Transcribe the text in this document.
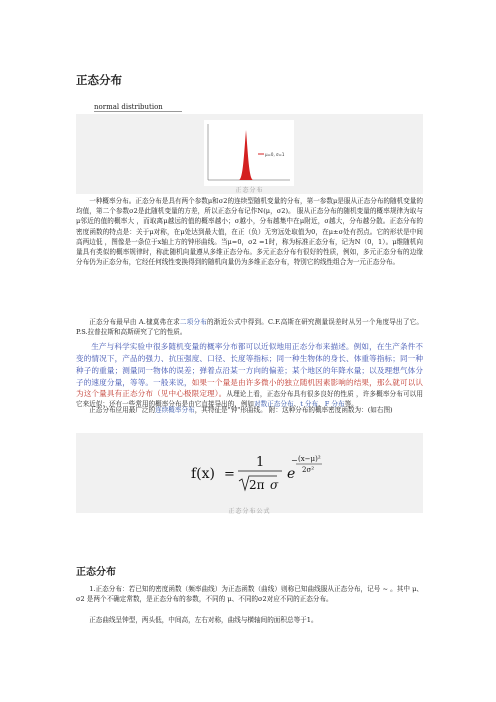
正态分布
normal distribution
μ=0, σ=1
正态分布
一种概率分布。正态分布是具有两个参数μ和σ2的连续型随机变量的分布，第一参数μ是服从正态分布的随机变量的均值，第二个参数σ2是此随机变量的方差，所以正态分布记作N(μ，σ2)。 服从正态分布的随机变量的概率规律为取与μ邻近的值的概率大 ，而取离μ越远的值的概率越小；σ越小，分布越集中在μ附近，σ越大，分布越分散。正态分布的密度函数的特点是：关于μ对称，在μ处达到最大值，在正（负）无穷远处取值为0，在μ±σ处有拐点。它的形状是中间高两边低 ，图像是一条位于x轴上方的钟形曲线。当μ=0，σ2 =1时，称为标准正态分布，记为N（0，1）。μ维随机向量具有类似的概率规律时，称此随机向量遵从多维正态分布。多元正态分布有很好的性质，例如，多元正态分布的边缘分布仍为正态分布，它经任何线性变换得到的随机向量仍为多维正态分布，特别它的线性组合为一元正态分布。
正态分布最早由 A.棣莫弗在求二项分布的渐近公式中得到。C.F.高斯在研究测量误差时从另一个角度导出了它。P.S.拉普拉斯和高斯研究了它的性质。
生产与科学实验中很多随机变量的概率分布都可以近似地用正态分布来描述。例如，在生产条件不变的情况下，产品的强力、抗压强度、口径、长度等指标；同一种生物体的身长、体重等指标；同一种种子的重量；测量同一物体的误差；弹着点沿某一方向的偏差；某个地区的年降水量；以及理想气体分子的速度分量，等等。一般来说，如果一个量是由许多微小的独立随机因素影响的结果，那么就可以认为这个量具有正态分布（见中心极限定理）。从理论上看，正态分布具有很多良好的性质 ，许多概率分布可以用它来近似；还有一些常用的概率分布是由它直接导出的，例如对数正态分布、t 分布、F 分布等。
正态分布应用最广泛的连续概率分布，其特征是"钟"形曲线。 附：这种分布的概率密度函数为：(如右图)
f(x) =
1
2π σ
e
(x−μ)²
2σ²
−
正态分布公式
正态分布
1.正态分布：若已知的密度函数（频率曲线）为正态函数（曲线）则称已知曲线服从正态分布，记号 ~ 。其中 μ、σ2 是两个不确定常数，是正态分布的参数，不同的 μ、不同的σ2对应不同的正态分布。
正态曲线呈钟型，两头低，中间高，左右对称，曲线与横轴间的面积总等于1。
